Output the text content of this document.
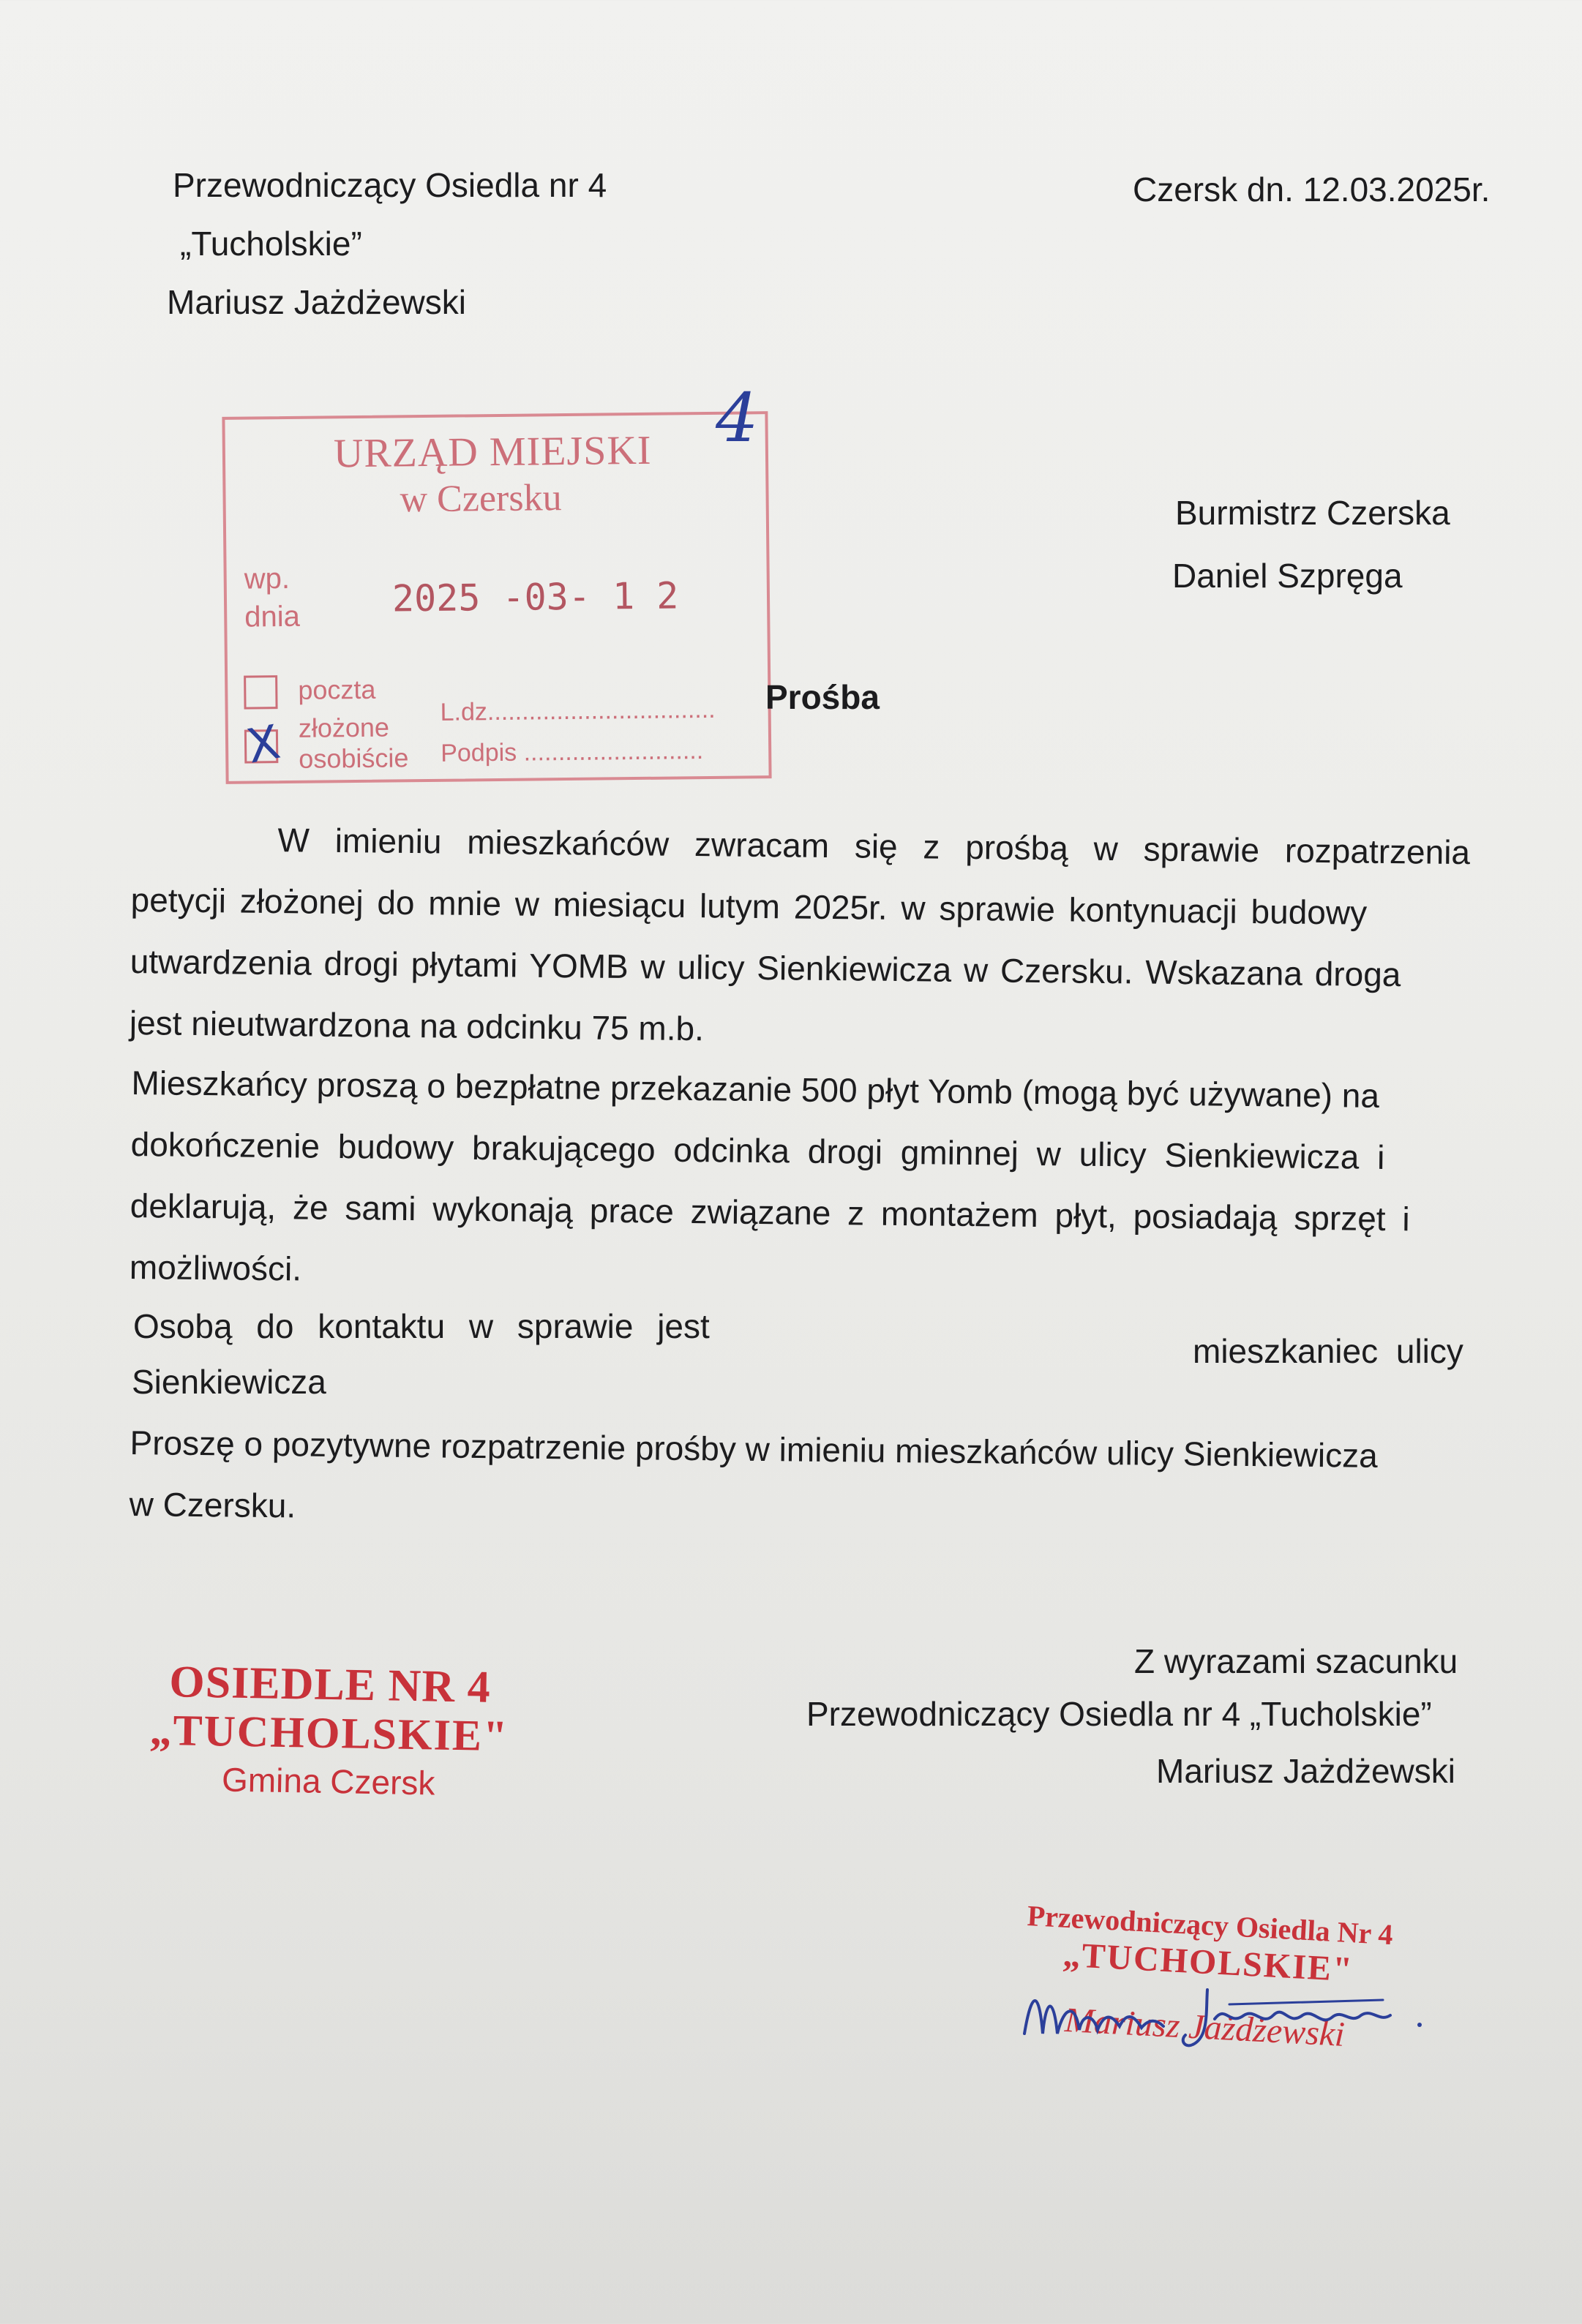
Przewodniczący Osiedla nr 4
„Tucholskie”
Mariusz Jażdżewski
Czersk dn. 12.03.2025r.
URZĄD MIEJSKI
w Czersku
wp.
dnia	2025 -03- 1 2
poczta
X złożone
osobiście
L.dz.................................
Podpis ..........................
4
Burmistrz Czerska
Daniel Szpręga
Prośba
W imieniu mieszkańców zwracam się z prośbą w sprawie rozpatrzenia
petycji złożonej do mnie w miesiącu lutym 2025r. w sprawie kontynuacji budowy
utwardzenia drogi płytami YOMB w ulicy Sienkiewicza w Czersku. Wskazana droga
jest nieutwardzona na odcinku 75 m.b.
Mieszkańcy proszą o bezpłatne przekazanie 500 płyt Yomb (mogą być używane) na
dokończenie budowy brakującego odcinka drogi gminnej w ulicy Sienkiewicza i
deklarują, że sami wykonają prace związane z montażem płyt, posiadają sprzęt i
możliwości.
Osobą do kontaktu w sprawie jest
mieszkaniec ulicy
Sienkiewicza
Proszę o pozytywne rozpatrzenie prośby w imieniu mieszkańców ulicy Sienkiewicza
w Czersku.
Z wyrazami szacunku
Przewodniczący Osiedla nr 4 „Tucholskie”
Mariusz Jażdżewski
OSIEDLE NR 4
„TUCHOLSKIE"
Gmina Czersk
Przewodniczący Osiedla Nr 4
„TUCHOLSKIE"
Mariusz Jażdżewski
